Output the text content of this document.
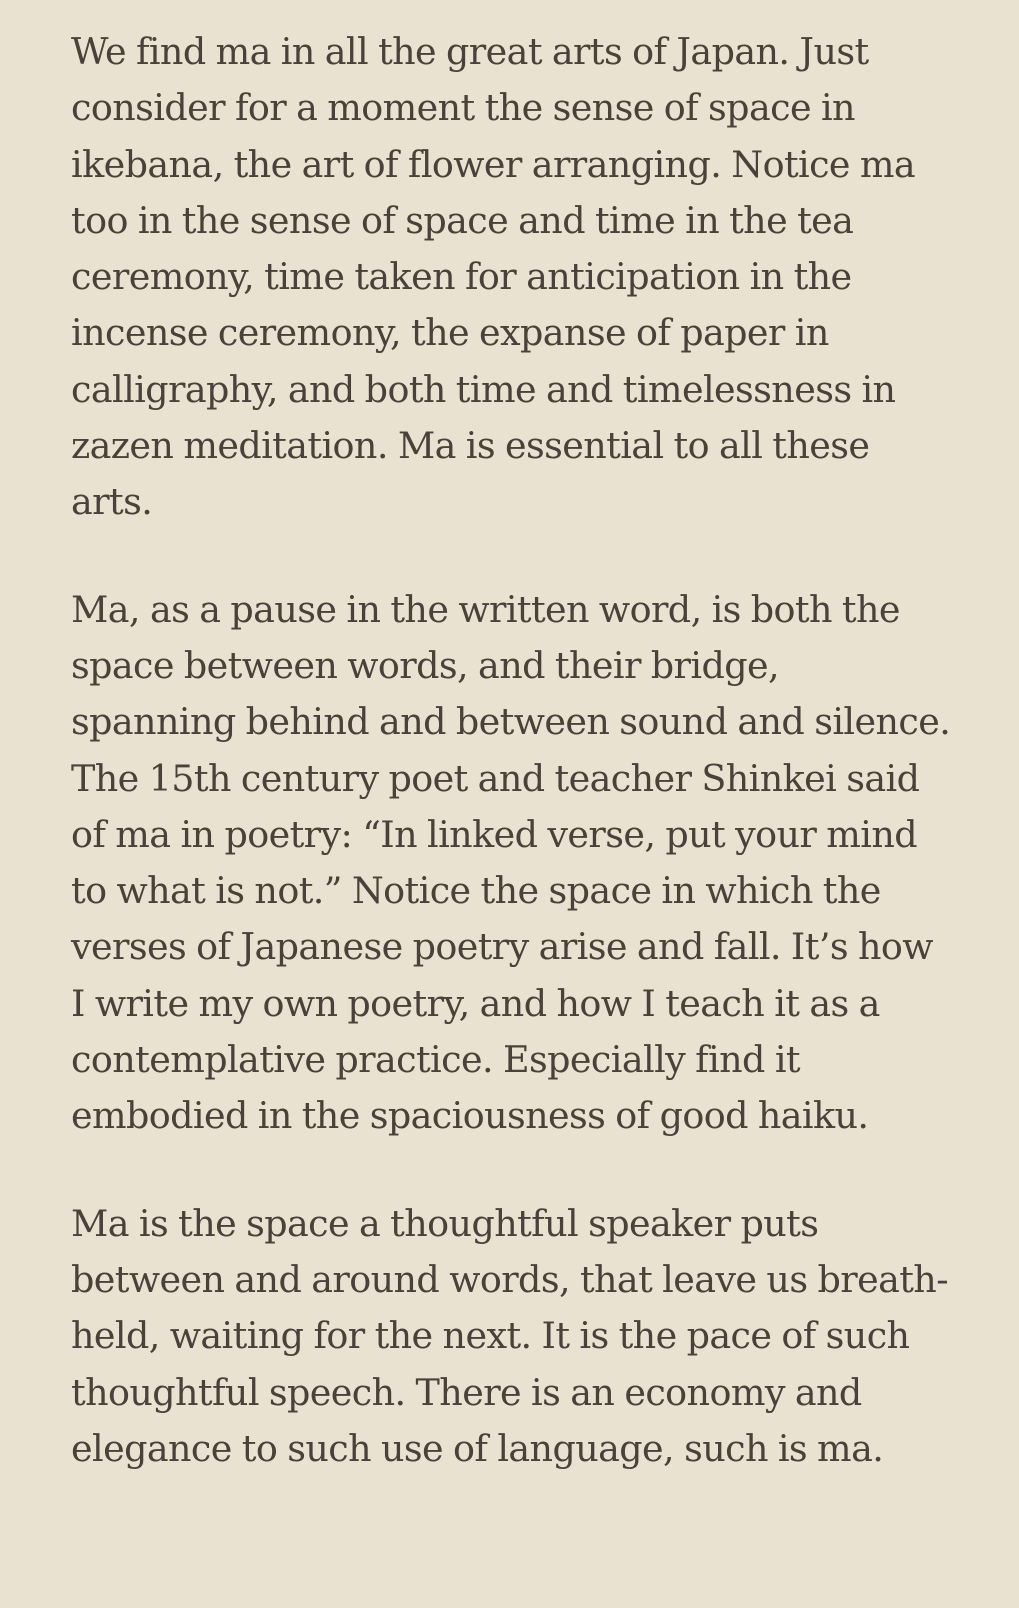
We find ma in all the great arts of Japan. Just consider for a moment the sense of space in ikebana, the art of flower arranging. Notice ma too in the sense of space and time in the tea ceremony, time taken for anticipation in the incense ceremony, the expanse of paper in calligraphy, and both time and timelessness in zazen meditation. Ma is essential to all these arts.

Ma, as a pause in the written word, is both the space between words, and their bridge, spanning behind and between sound and silence. The 15th century poet and teacher Shinkei said of ma in poetry: “In linked verse, put your mind to what is not.” Notice the space in which the verses of Japanese poetry arise and fall. It’s how I write my own poetry, and how I teach it as a contemplative practice. Especially find it embodied in the spaciousness of good haiku.

Ma is the space a thoughtful speaker puts between and around words, that leave us breath-held, waiting for the next. It is the pace of such thoughtful speech. There is an economy and elegance to such use of language, such is ma.
